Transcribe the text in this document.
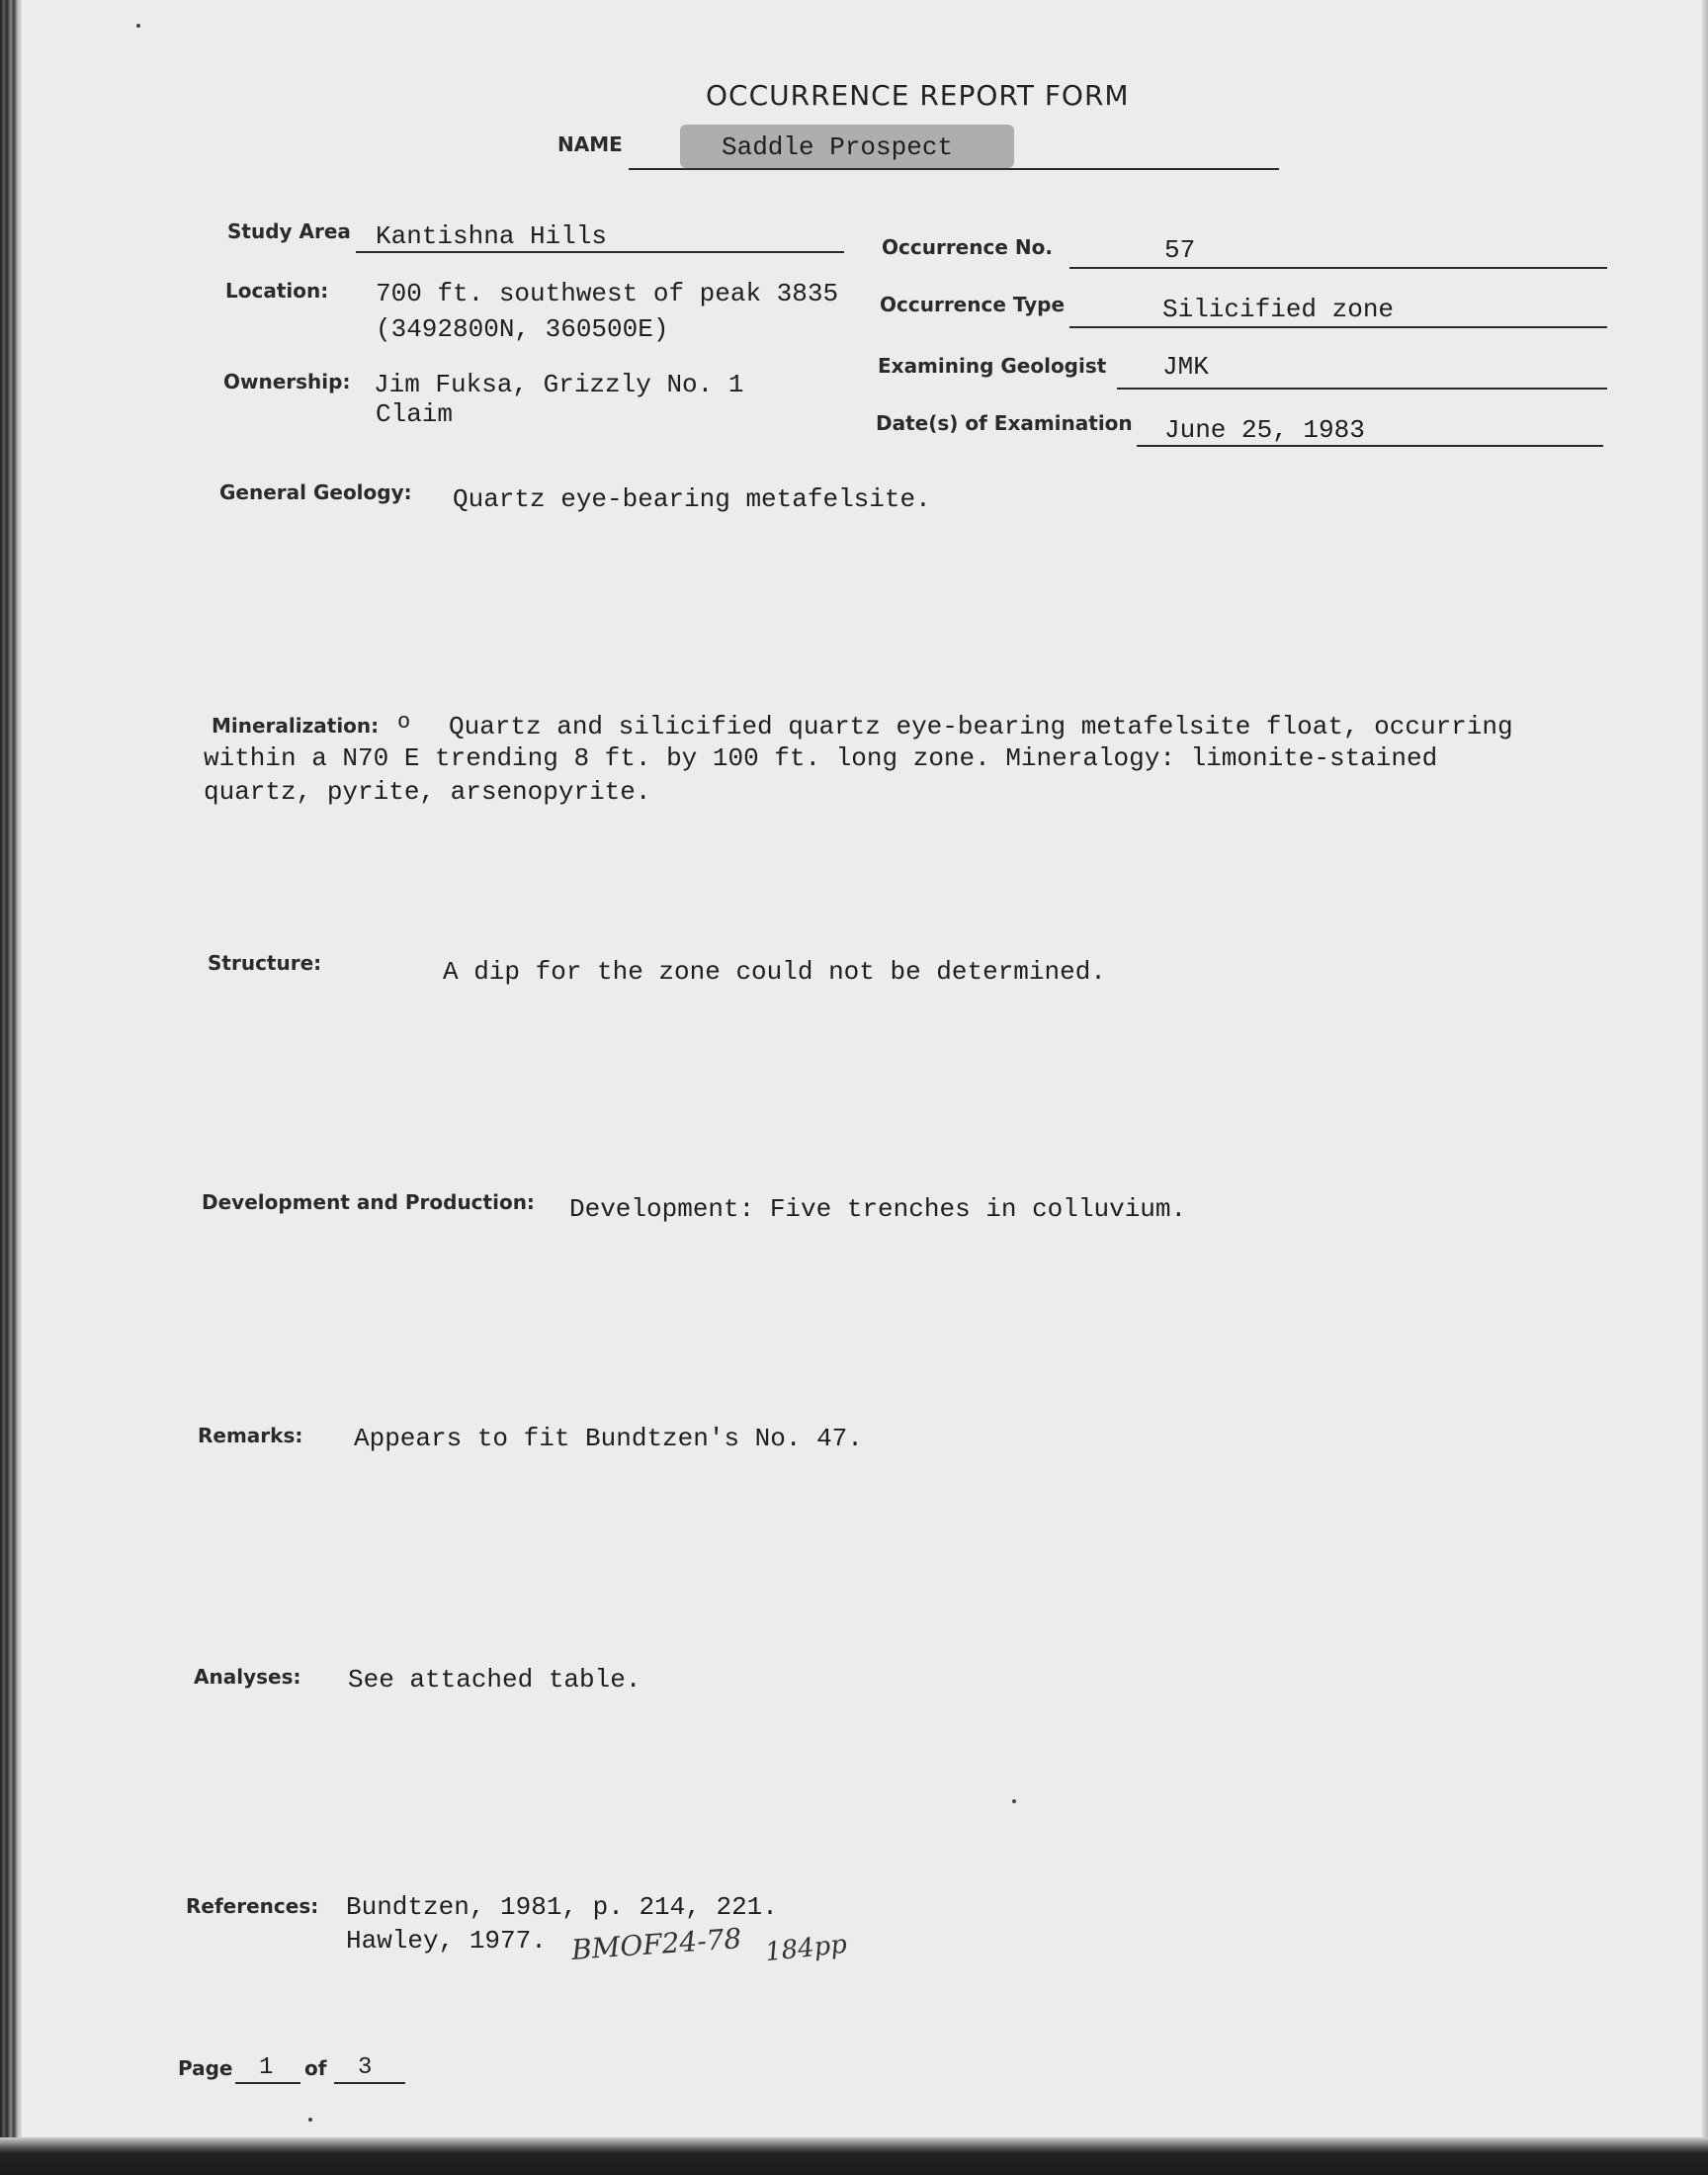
OCCURRENCE REPORT FORM
NAME	Saddle Prospect
Study Area Kantishna Hills	Occurrence No.	57
Location: 700 ft. southwest of peak 3835
(3492800N, 360500E)
Occurrence Type	Silicified zone
Ownership: Jim Fuksa, Grizzly No. 1
Claim
Examining Geologist JMK
Date(s) of Examination June 25, 1983
General Geology: Quartz eye-bearing metafelsite.
Mineralization: o Quartz and silicified quartz eye-bearing metafelsite float, occurring
within a N70 E trending 8 ft. by 100 ft. long zone. Mineralogy: limonite-stained
quartz, pyrite, arsenopyrite.
Structure:	A dip for the zone could not be determined.
Development and Production: Development: Five trenches in colluvium.
Remarks: Appears to fit Bundtzen's No. 47.
Analyses: See attached table.
References: Bundtzen, 1981, p. 214, 221.
Hawley, 1977. BMOF24-78 184pp
Page 1 of 3
